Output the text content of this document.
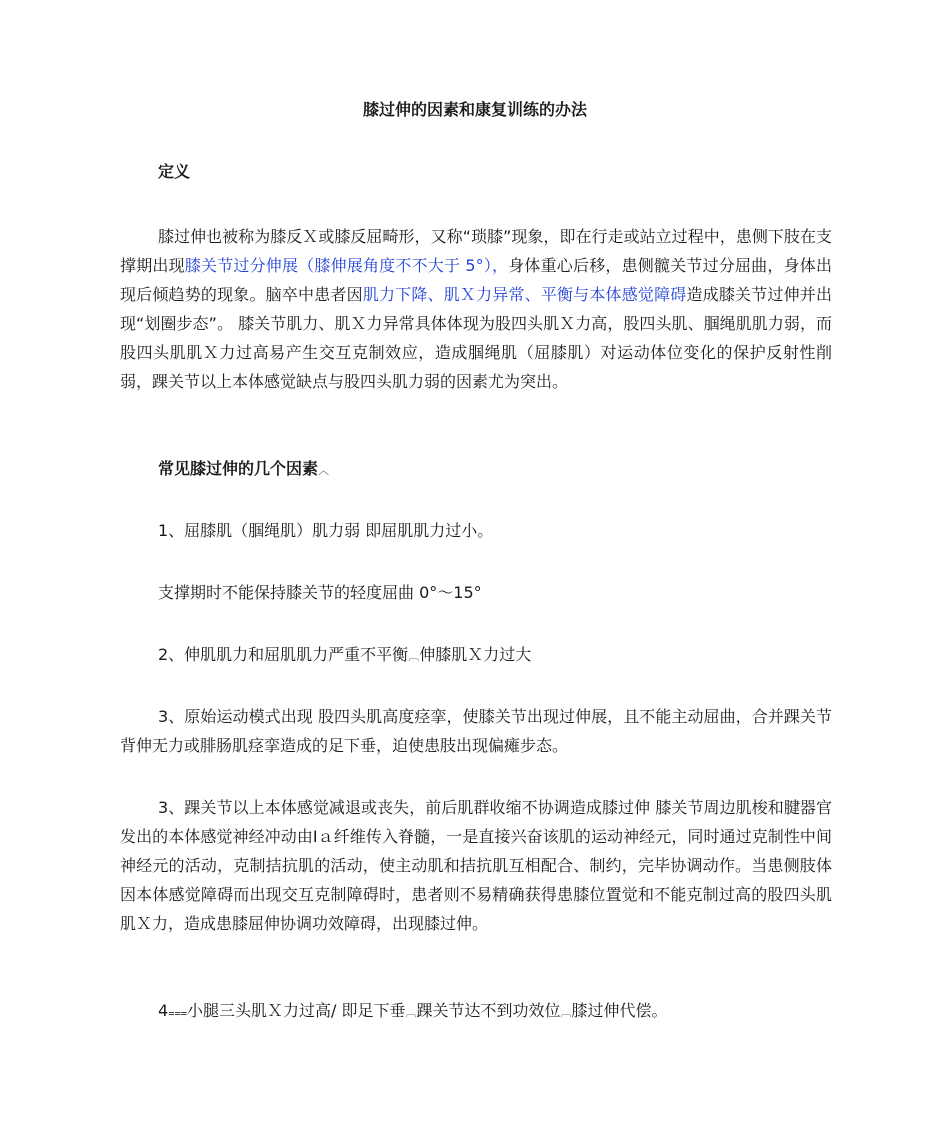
膝过伸的因素和康复训练的办法
定义
膝过伸也被称为膝反Ｘ或膝反屈畸形，又称“琐膝”现象，即在行走或站立过程中，患侧下肢在支撑期出现膝关节过分伸展（膝伸展角度不不大于 5°），身体重心后移，患侧髋关节过分屈曲，身体出现后倾趋势的现象。脑卒中患者因肌力下降、肌Ｘ力异常、平衡与本体感觉障碍造成膝关节过伸并出现“划圈步态”。 膝关节肌力、肌Ｘ力异常具体体现为股四头肌Ｘ力高，股四头肌、腘绳肌肌力弱，而股四头肌肌Ｘ力过高易产生交互克制效应，造成腘绳肌（屈膝肌）对运动体位变化的保护反射性削弱，踝关节以上本体感觉缺点与股四头肌力弱的因素尤为突出。
常见膝过伸的几个因素︿
1、屈膝肌（腘绳肌）肌力弱 即屈肌肌力过小。
支撑期时不能保持膝关节的轻度屈曲 0°～15°
2、伸肌肌力和屈肌肌力严重不平衡︹伸膝肌Ｘ力过大
3、原始运动模式出现 股四头肌高度痉挛，使膝关节出现过伸展，且不能主动屈曲，合并踝关节背伸无力或腓肠肌痉挛造成的足下垂，迫使患肢出现偏瘫步态。
3、踝关节以上本体感觉减退或丧失，前后肌群收缩不协调造成膝过伸 膝关节周边肌梭和腱器官发出的本体感觉神经冲动由Ⅰａ纤维传入脊髓，一是直接兴奋该肌的运动神经元，同时通过克制性中间神经元的活动，克制拮抗肌的活动，使主动肌和拮抗肌互相配合、制约，完毕协调动作。当患侧肢体因本体感觉障碍而出现交互克制障碍时，患者则不易精确获得患膝位置觉和不能克制过高的股四头肌肌Ｘ力，造成患膝屈伸协调功效障碍，出现膝过伸。
4⩶小腿三头肌Ｘ力过高/ 即足下垂︹踝关节达不到功效位︹膝过伸代偿。
